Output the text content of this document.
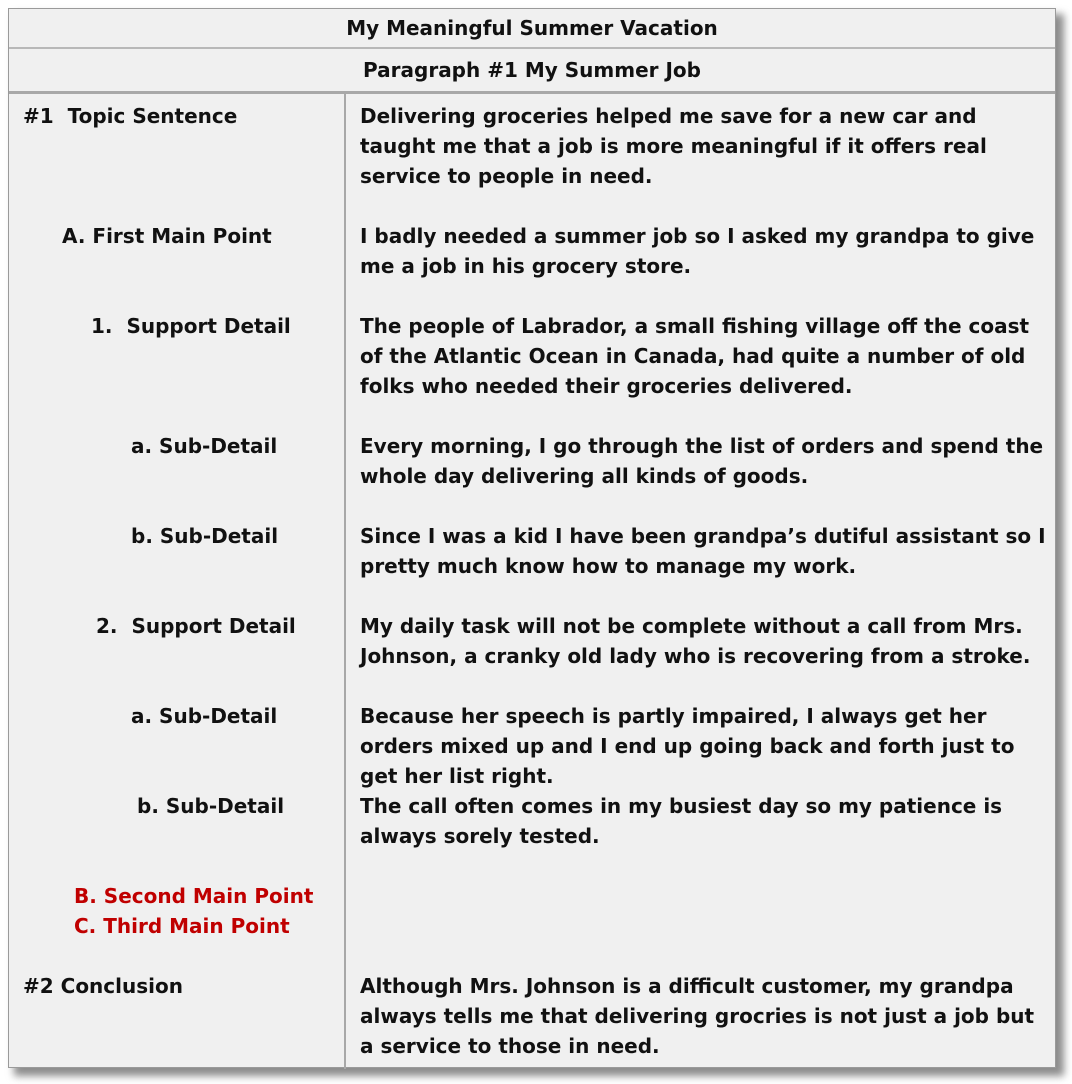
My Meaningful Summer Vacation
Paragraph #1 My Summer Job
#1  Topic Sentence	Delivering groceries helped me save for a new car and taught me that a job is more meaningful if it offers real service to people in need.
A. First Main Point	I badly needed a summer job so I asked my grandpa to give me a job in his grocery store.
1.  Support Detail	The people of Labrador, a small fishing village off the coast of the Atlantic Ocean in Canada, had quite a number of old folks who needed their groceries delivered.
a. Sub-Detail	Every morning, I go through the list of orders and spend the whole day delivering all kinds of goods.
b. Sub-Detail	Since I was a kid I have been grandpa’s dutiful assistant so I pretty much know how to manage my work.
2.  Support Detail	My daily task will not be complete without a call from Mrs. Johnson, a cranky old lady who is recovering from a stroke.
a. Sub-Detail	Because her speech is partly impaired, I always get her orders mixed up and I end up going back and forth just to get her list right.
b. Sub-Detail	The call often comes in my busiest day so my patience is always sorely tested.
B. Second Main Point
C. Third Main Point
#2 Conclusion	Although Mrs. Johnson is a difficult customer, my grandpa always tells me that delivering grocries is not just a job but a service to those in need.
